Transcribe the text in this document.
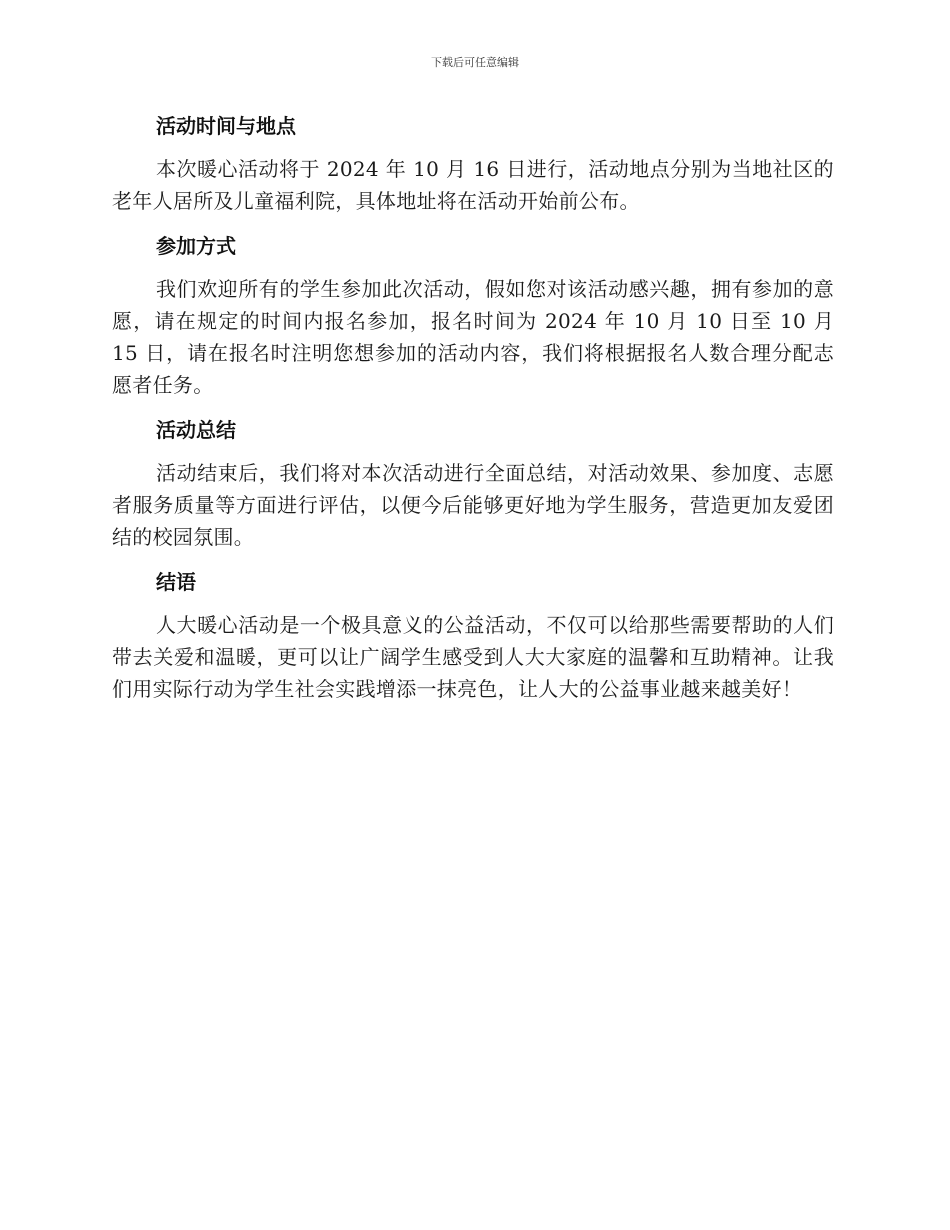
下载后可任意编辑
活动时间与地点

本次暖心活动将于 2024 年 10 月 16 日进行，活动地点分别为当地社区的老年人居所及儿童福利院，具体地址将在活动开始前公布。

参加方式

我们欢迎所有的学生参加此次活动，假如您对该活动感兴趣，拥有参加的意愿，请在规定的时间内报名参加，报名时间为 2024 年 10 月 10 日至 10 月 15 日，请在报名时注明您想参加的活动内容，我们将根据报名人数合理分配志愿者任务。

活动总结

活动结束后，我们将对本次活动进行全面总结，对活动效果、参加度、志愿者服务质量等方面进行评估，以便今后能够更好地为学生服务，营造更加友爱团结的校园氛围。

结语

人大暖心活动是一个极具意义的公益活动，不仅可以给那些需要帮助的人们带去关爱和温暖，更可以让广阔学生感受到人大大家庭的温馨和互助精神。让我们用实际行动为学生社会实践增添一抹亮色，让人大的公益事业越来越美好！
